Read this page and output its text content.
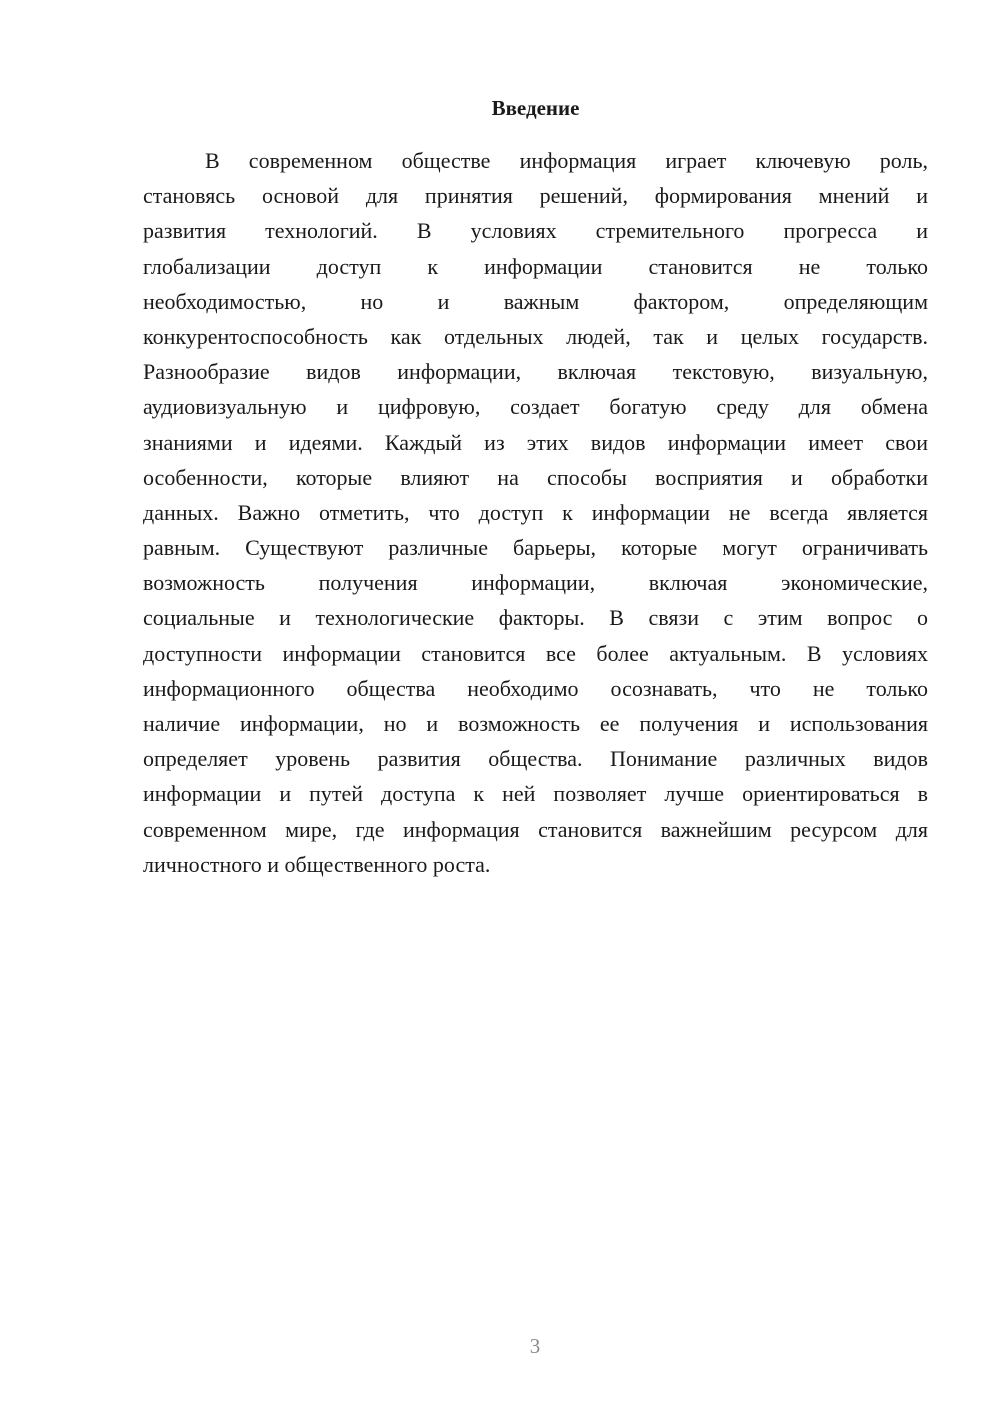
Введение
В современном обществе информация играет ключевую роль,
становясь основой для принятия решений, формирования мнений и
развития технологий. В условиях стремительного прогресса и
глобализации доступ к информации становится не только
необходимостью, но и важным фактором, определяющим
конкурентоспособность как отдельных людей, так и целых государств.
Разнообразие видов информации, включая текстовую, визуальную,
аудиовизуальную и цифровую, создает богатую среду для обмена
знаниями и идеями. Каждый из этих видов информации имеет свои
особенности, которые влияют на способы восприятия и обработки
данных. Важно отметить, что доступ к информации не всегда является
равным. Существуют различные барьеры, которые могут ограничивать
возможность получения информации, включая экономические,
социальные и технологические факторы. В связи с этим вопрос о
доступности информации становится все более актуальным. В условиях
информационного общества необходимо осознавать, что не только
наличие информации, но и возможность ее получения и использования
определяет уровень развития общества. Понимание различных видов
информации и путей доступа к ней позволяет лучше ориентироваться в
современном мире, где информация становится важнейшим ресурсом для
личностного и общественного роста.
3
